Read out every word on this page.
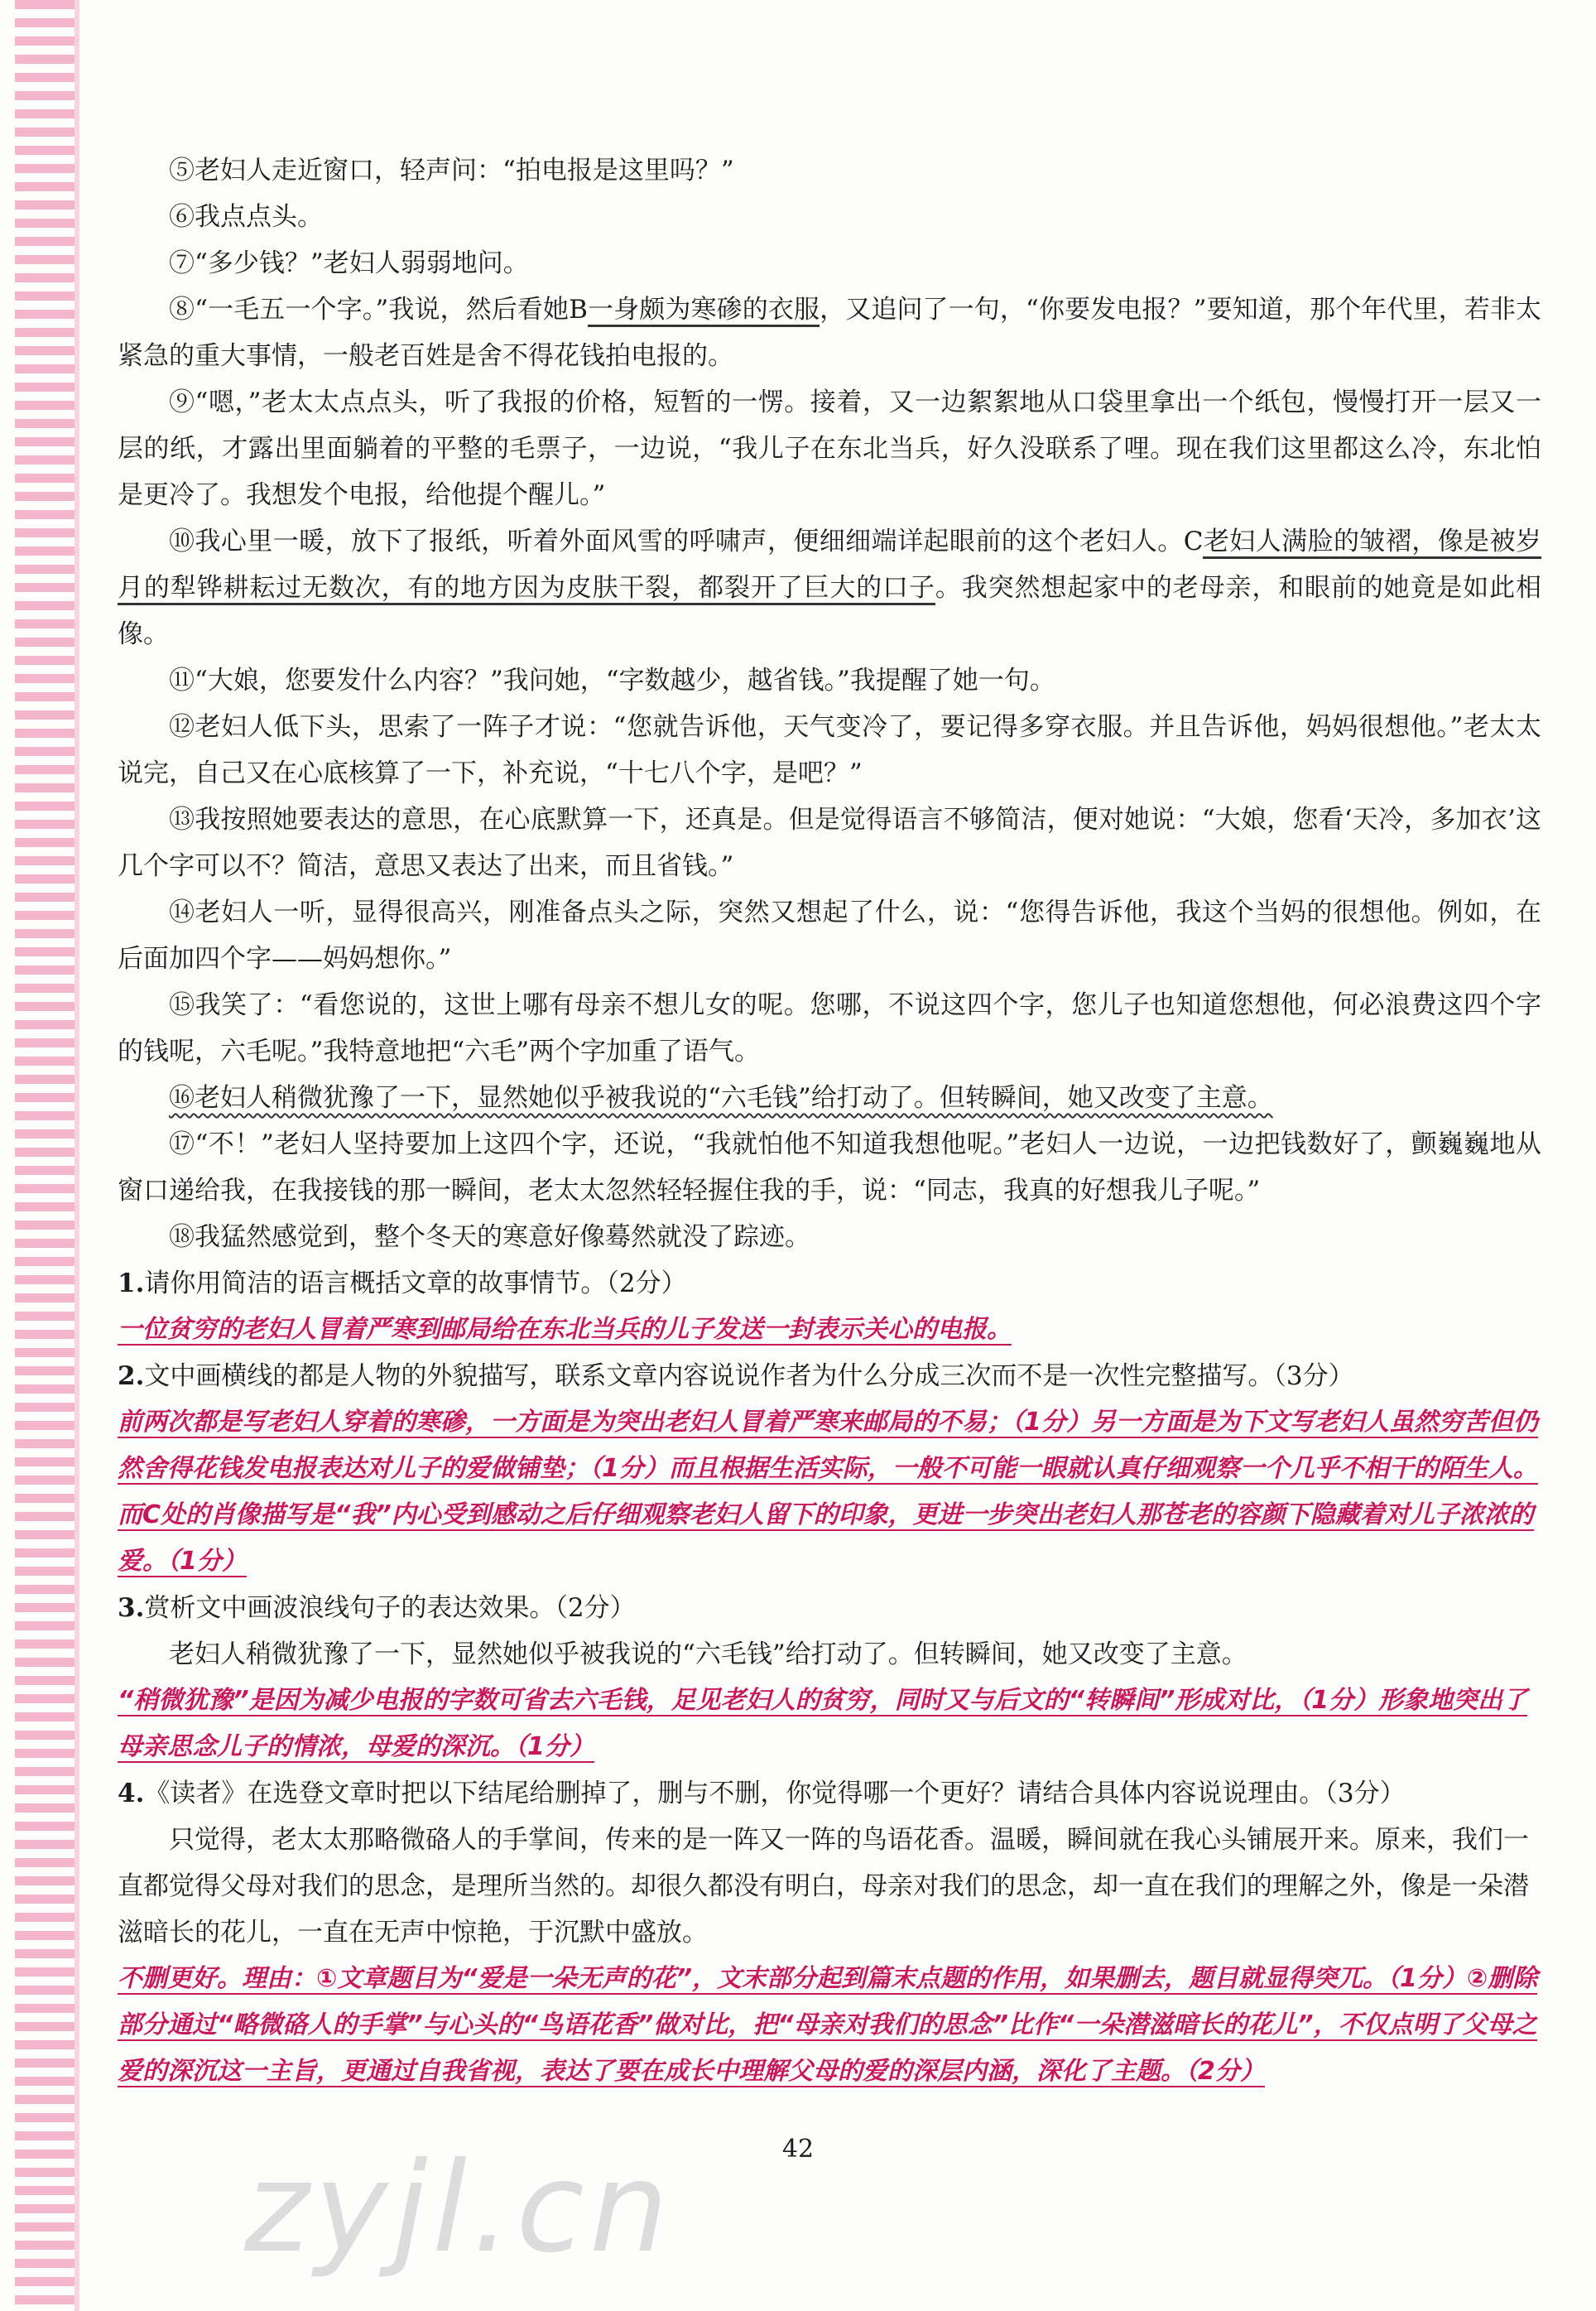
⑤老妇人走近窗口，轻声问：“拍电报是这里吗？”

⑥我点点头。

⑦“多少钱？”老妇人弱弱地问。

⑧“一毛五一个字。”我说，然后看她B一身颇为寒碜的衣服，又追问了一句，“你要发电报？”要知道，那个年代里，若非太紧急的重大事情，一般老百姓是舍不得花钱拍电报的。

⑨“嗯，”老太太点点头，听了我报的价格，短暂的一愣。接着，又一边絮絮地从口袋里拿出一个纸包，慢慢打开一层又一层的纸，才露出里面躺着的平整的毛票子，一边说，“我儿子在东北当兵，好久没联系了哩。现在我们这里都这么冷，东北怕是更冷了。我想发个电报，给他提个醒儿。”

⑩我心里一暖，放下了报纸，听着外面风雪的呼啸声，便细细端详起眼前的这个老妇人。C老妇人满脸的皱褶，像是被岁月的犁铧耕耘过无数次，有的地方因为皮肤干裂，都裂开了巨大的口子。我突然想起家中的老母亲，和眼前的她竟是如此相像。

⑪“大娘，您要发什么内容？”我问她，“字数越少，越省钱。”我提醒了她一句。

⑫老妇人低下头，思索了一阵子才说：“您就告诉他，天气变冷了，要记得多穿衣服。并且告诉他，妈妈很想他。”老太太说完，自己又在心底核算了一下，补充说，“十七八个字，是吧？”

⑬我按照她要表达的意思，在心底默算一下，还真是。但是觉得语言不够简洁，便对她说：“大娘，您看‘天冷，多加衣’这几个字可以不？简洁，意思又表达了出来，而且省钱。”

⑭老妇人一听，显得很高兴，刚准备点头之际，突然又想起了什么，说：“您得告诉他，我这个当妈的很想他。例如，在后面加四个字——妈妈想你。”

⑮我笑了：“看您说的，这世上哪有母亲不想儿女的呢。您哪，不说这四个字，您儿子也知道您想他，何必浪费这四个字的钱呢，六毛呢。”我特意地把“六毛”两个字加重了语气。

⑯老妇人稍微犹豫了一下，显然她似乎被我说的“六毛钱”给打动了。但转瞬间，她又改变了主意。

⑰“不！”老妇人坚持要加上这四个字，还说，“我就怕他不知道我想他呢。”老妇人一边说，一边把钱数好了，颤巍巍地从窗口递给我，在我接钱的那一瞬间，老太太忽然轻轻握住我的手，说：“同志，我真的好想我儿子呢。”

⑱我猛然感觉到，整个冬天的寒意好像蓦然就没了踪迹。

1.请你用简洁的语言概括文章的故事情节。（2分）

一位贫穷的老妇人冒着严寒到邮局给在东北当兵的儿子发送一封表示关心的电报。

2.文中画横线的都是人物的外貌描写，联系文章内容说说作者为什么分成三次而不是一次性完整描写。（3分）

前两次都是写老妇人穿着的寒碜，一方面是为突出老妇人冒着严寒来邮局的不易；（1分）另一方面是为下文写老妇人虽然穷苦但仍然舍得花钱发电报表达对儿子的爱做铺垫；（1分）而且根据生活实际，一般不可能一眼就认真仔细观察一个几乎不相干的陌生人。而C处的肖像描写是“我”内心受到感动之后仔细观察老妇人留下的印象，更进一步突出老妇人那苍老的容颜下隐藏着对儿子浓浓的爱。（1分）

3.赏析文中画波浪线句子的表达效果。（2分）

老妇人稍微犹豫了一下，显然她似乎被我说的“六毛钱”给打动了。但转瞬间，她又改变了主意。

“稍微犹豫”是因为减少电报的字数可省去六毛钱，足见老妇人的贫穷，同时又与后文的“转瞬间”形成对比，（1分）形象地突出了母亲思念儿子的情浓，母爱的深沉。（1分）

4.《读者》在选登文章时把以下结尾给删掉了，删与不删，你觉得哪一个更好？请结合具体内容说说理由。（3分）

只觉得，老太太那略微硌人的手掌间，传来的是一阵又一阵的鸟语花香。温暖，瞬间就在我心头铺展开来。原来，我们一直都觉得父母对我们的思念，是理所当然的。却很久都没有明白，母亲对我们的思念，却一直在我们的理解之外，像是一朵潜滋暗长的花儿，一直在无声中惊艳，于沉默中盛放。

不删更好。理由：①文章题目为“爱是一朵无声的花”，文末部分起到篇末点题的作用，如果删去，题目就显得突兀。（1分）②删除部分通过“略微硌人的手掌”与心头的“鸟语花香”做对比，把“母亲对我们的思念”比作“一朵潜滋暗长的花儿”，不仅点明了父母之爱的深沉这一主旨，更通过自我省视，表达了要在成长中理解父母的爱的深层内涵，深化了主题。（2分）

zyjl.cn	42
